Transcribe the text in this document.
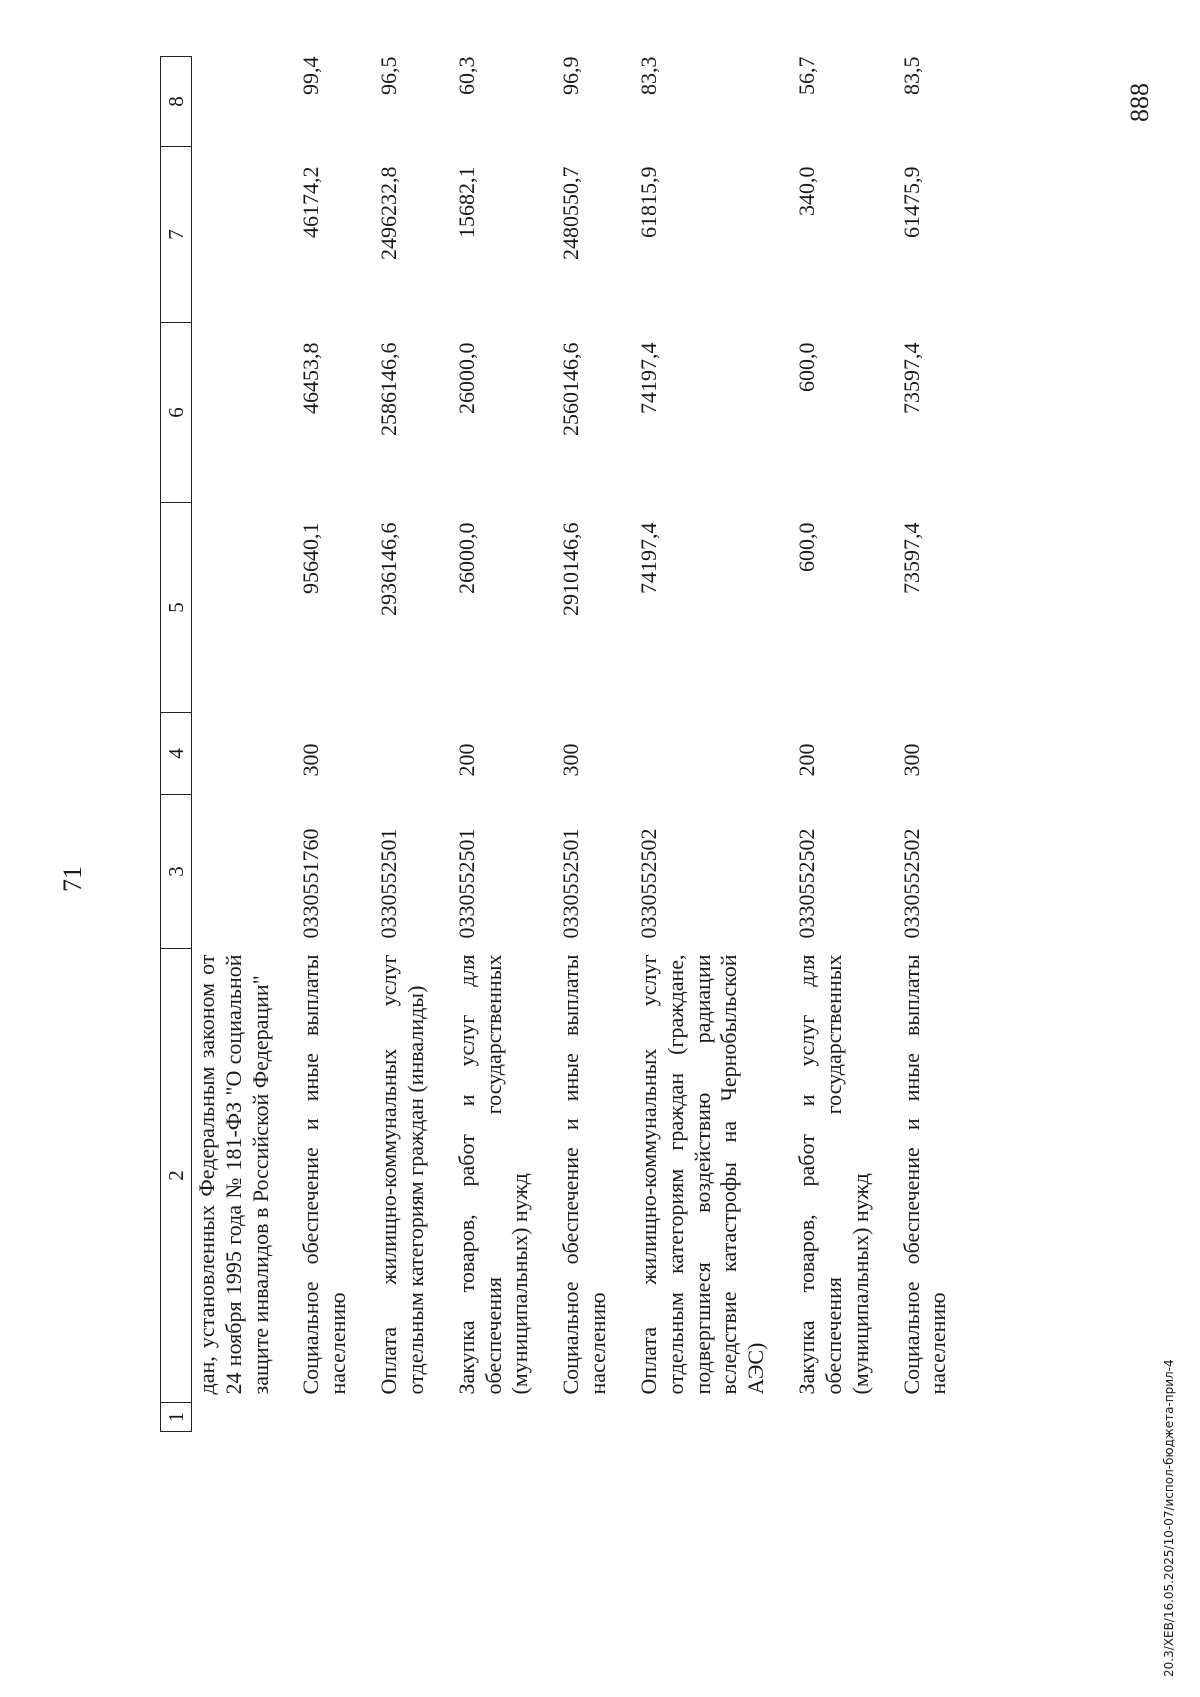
71
1	2	3	4	5	6	7	8
	дан, установленных Федеральным законом от 24 ноября 1995 года № 181-ФЗ "О социальной защите инвалидов в Российской Федерации"						
	Социальное обеспечение и иные выплаты населению	0330551760	300	95640,1	46453,8	46174,2	99,4
	Оплата жилищно-коммунальных услуг отдельным категориям граждан (инвалиды)	0330552501		2936146,6	2586146,6	2496232,8	96,5
	Закупка товаров, работ и услуг для обеспечения государственных (муниципальных) нужд	0330552501	200	26000,0	26000,0	15682,1	60,3
	Социальное обеспечение и иные выплаты населению	0330552501	300	2910146,6	2560146,6	2480550,7	96,9
	Оплата жилищно-коммунальных услуг отдельным категориям граждан (граждане, подвергшиеся воздействию радиации вследствие катастрофы на Чернобыльской АЭС)	0330552502		74197,4	74197,4	61815,9	83,3
	Закупка товаров, работ и услуг для обеспечения государственных (муниципальных) нужд	0330552502	200	600,0	600,0	340,0	56,7
	Социальное обеспечение и иные выплаты населению	0330552502	300	73597,4	73597,4	61475,9	83,5
20.3/ХЕВ/16.05.2025/10-07/испол-бюджета-прил-4
888
